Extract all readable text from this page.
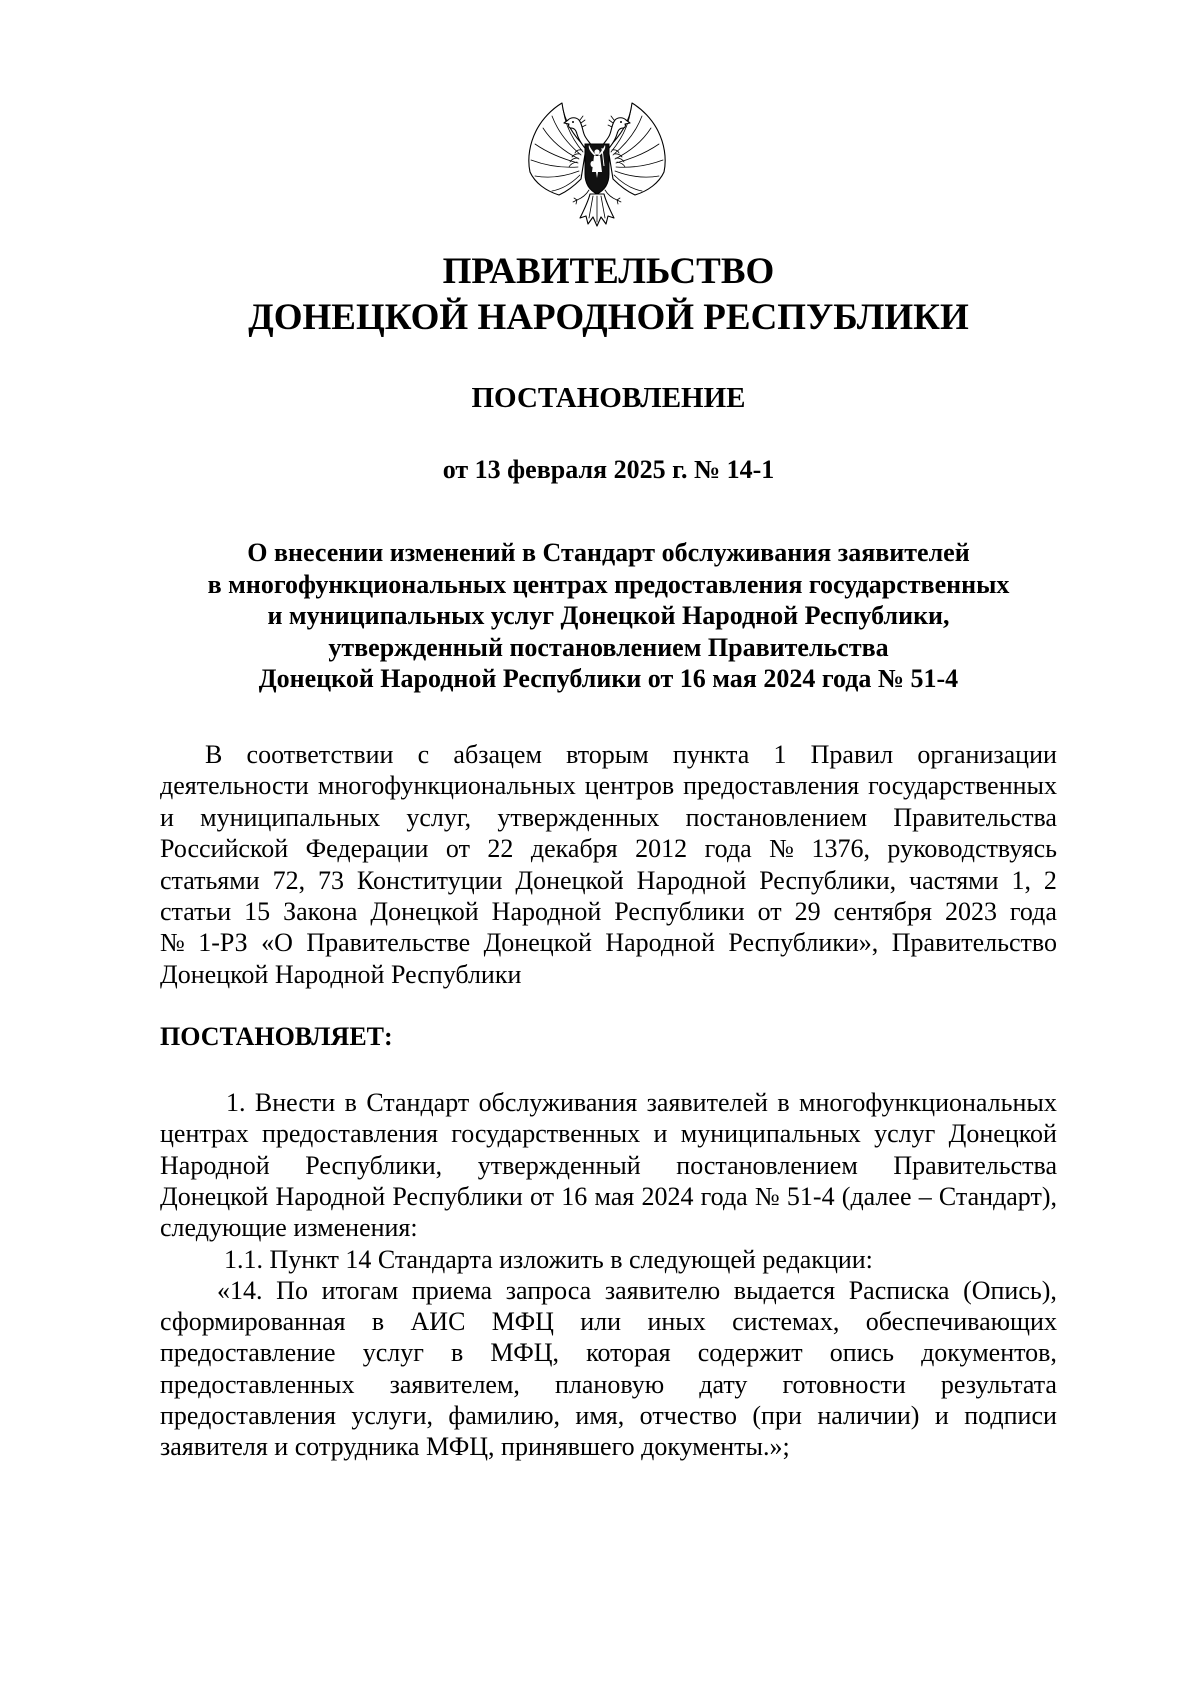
ПРАВИТЕЛЬСТВО
ДОНЕЦКОЙ НАРОДНОЙ РЕСПУБЛИКИ
ПОСТАНОВЛЕНИЕ
от 13 февраля 2025 г. № 14-1
О внесении изменений в Стандарт обслуживания заявителей
в многофункциональных центрах предоставления государственных
и муниципальных услуг Донецкой Народной Республики,
утвержденный постановлением Правительства
Донецкой Народной Республики от 16 мая 2024 года № 51-4
В соответствии с абзацем вторым пункта 1 Правил организации
деятельности многофункциональных центров предоставления государственных
и муниципальных услуг, утвержденных постановлением Правительства
Российской Федерации от 22 декабря 2012 года № 1376, руководствуясь
статьями 72, 73 Конституции Донецкой Народной Республики, частями 1, 2
статьи 15 Закона Донецкой Народной Республики от 29 сентября 2023 года
№ 1-РЗ «О Правительстве Донецкой Народной Республики», Правительство
Донецкой Народной Республики
ПОСТАНОВЛЯЕТ:
1. Внести в Стандарт обслуживания заявителей в многофункциональных
центрах предоставления государственных и муниципальных услуг Донецкой
Народной Республики, утвержденный постановлением Правительства
Донецкой Народной Республики от 16 мая 2024 года № 51-4 (далее – Стандарт),
следующие изменения:
1.1. Пункт 14 Стандарта изложить в следующей редакции:
«14. По итогам приема запроса заявителю выдается Расписка (Опись),
сформированная в АИС МФЦ или иных системах, обеспечивающих
предоставление услуг в МФЦ, которая содержит опись документов,
предоставленных заявителем, плановую дату готовности результата
предоставления услуги, фамилию, имя, отчество (при наличии) и подписи
заявителя и сотрудника МФЦ, принявшего документы.»;
